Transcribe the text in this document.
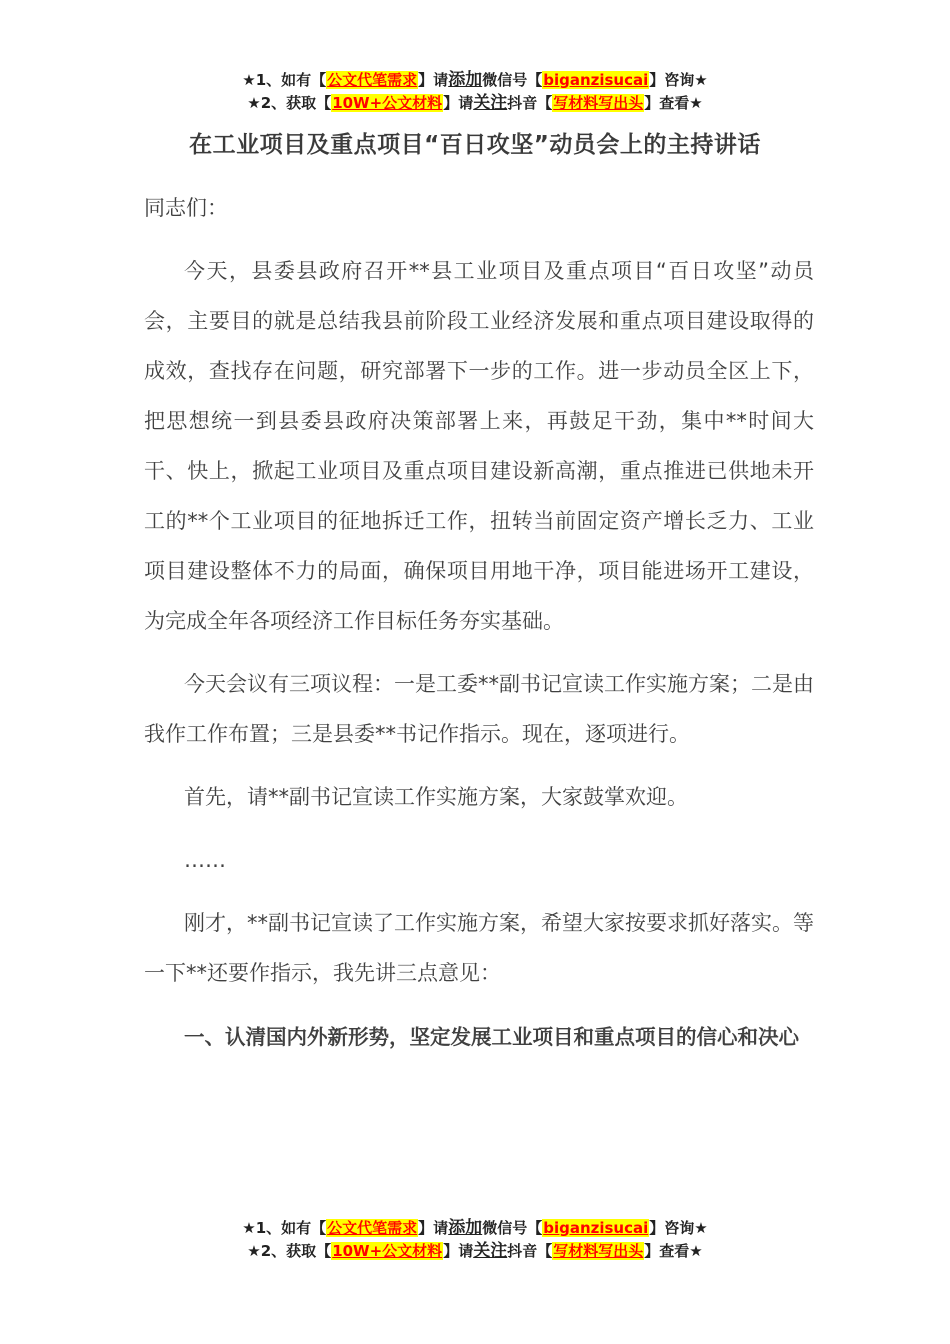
★1、如有【公文代笔需求】请添加微信号【biganzisucai】咨询★
★2、获取【10W+公文材料】请关注抖音【写材料写出头】查看★
在工业项目及重点项目“百日攻坚”动员会上的主持讲话

同志们：

今天，县委县政府召开**县工业项目及重点项目“百日攻坚”动员会，主要目的就是总结我县前阶段工业经济发展和重点项目建设取得的成效，查找存在问题，研究部署下一步的工作。进一步动员全区上下，把思想统一到县委县政府决策部署上来，再鼓足干劲，集中**时间大干、快上，掀起工业项目及重点项目建设新高潮，重点推进已供地未开工的**个工业项目的征地拆迁工作，扭转当前固定资产增长乏力、工业项目建设整体不力的局面，确保项目用地干净，项目能进场开工建设，为完成全年各项经济工作目标任务夯实基础。

今天会议有三项议程：一是工委**副书记宣读工作实施方案；二是由我作工作布置；三是县委**书记作指示。现在，逐项进行。

首先，请**副书记宣读工作实施方案，大家鼓掌欢迎。

……

刚才，**副书记宣读了工作实施方案，希望大家按要求抓好落实。等一下**还要作指示，我先讲三点意见：

一、认清国内外新形势，坚定发展工业项目和重点项目的信心和决心

★1、如有【公文代笔需求】请添加微信号【biganzisucai】咨询★
★2、获取【10W+公文材料】请关注抖音【写材料写出头】查看★
